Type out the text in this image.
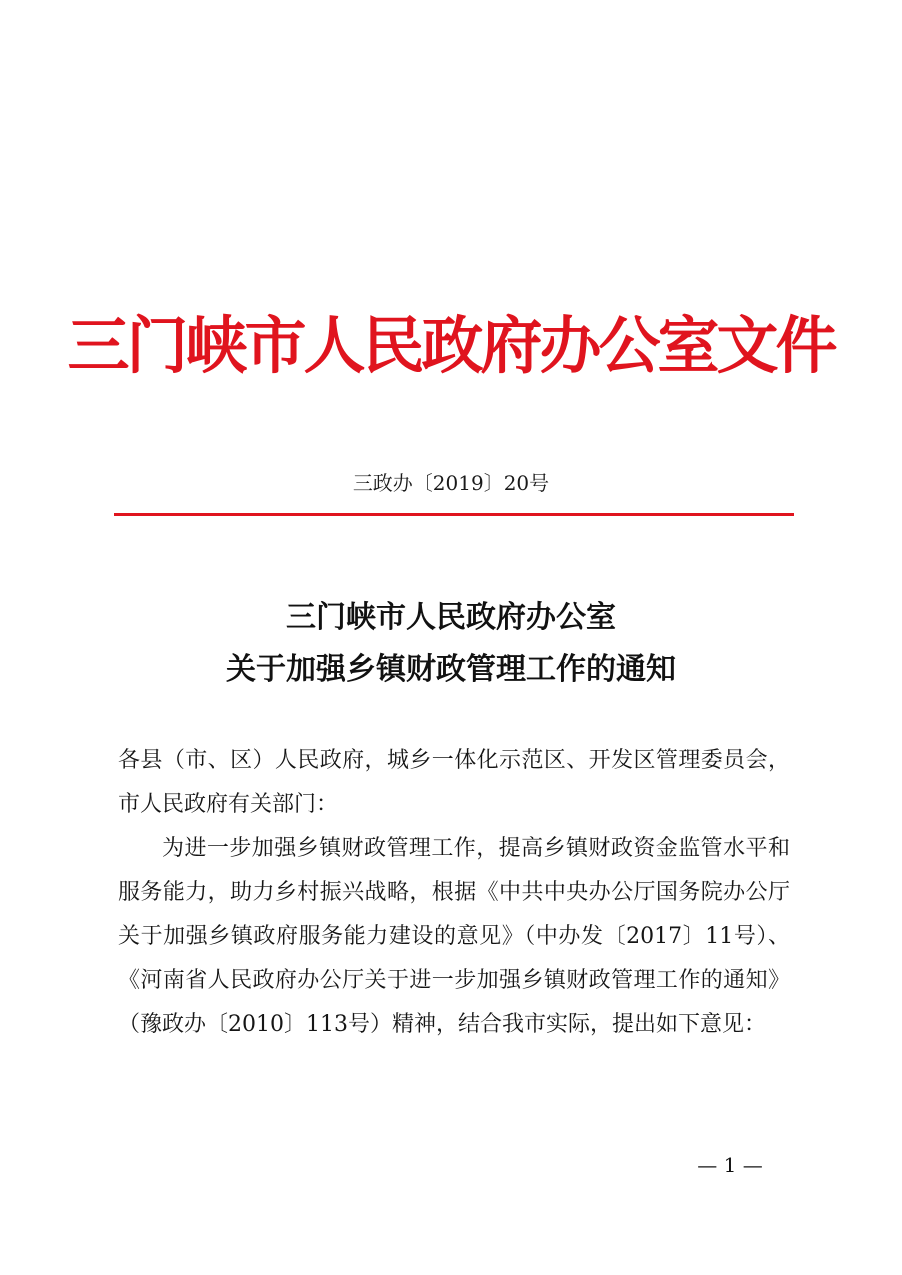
三门峡市人民政府办公室文件
三政办〔2019〕20号
三门峡市人民政府办公室
关于加强乡镇财政管理工作的通知

各县（市、区）人民政府，城乡一体化示范区、开发区管理委员会，市人民政府有关部门：

为进一步加强乡镇财政管理工作，提高乡镇财政资金监管水平和服务能力，助力乡村振兴战略，根据《中共中央办公厅国务院办公厅关于加强乡镇政府服务能力建设的意见》（中办发〔2017〕11号）、《河南省人民政府办公厅关于进一步加强乡镇财政管理工作的通知》（豫政办〔2010〕113号）精神，结合我市实际，提出如下意见：

— 1 —
